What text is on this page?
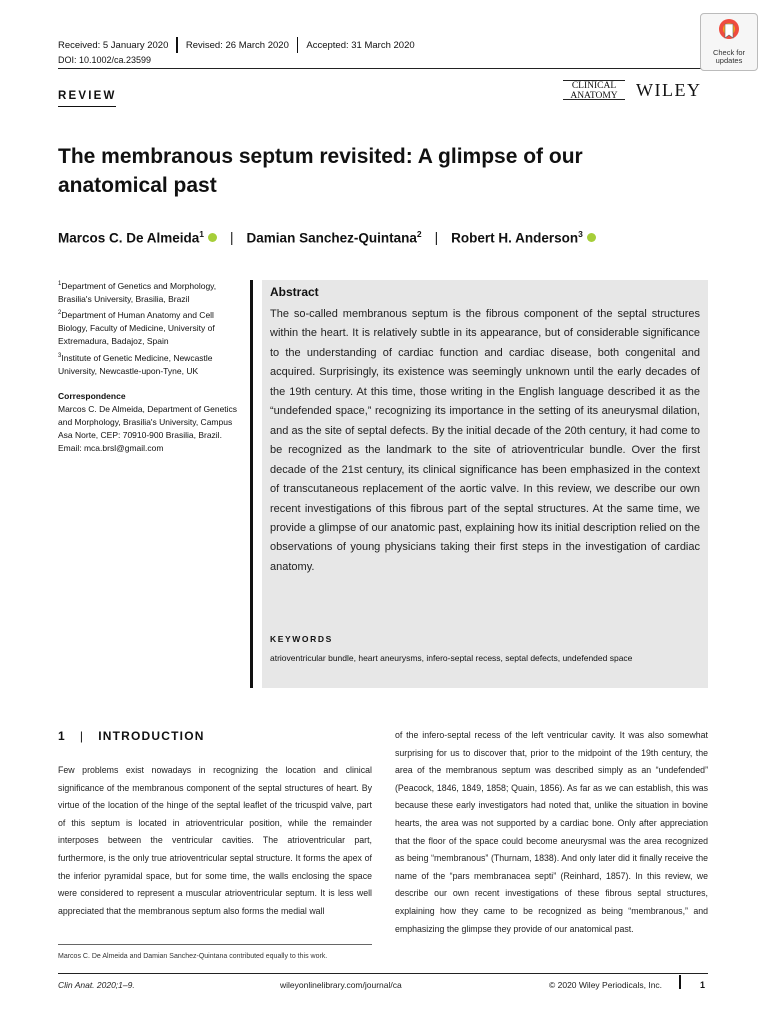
Received: 5 January 2020 Revised: 26 March 2020 Accepted: 31 March 2020
DOI: 10.1002/ca.23599
REVIEW
CLINICAL
ANATOMY	WILEY
Check for
updates
The membranous septum revisited: A glimpse of our anatomical past
Marcos C. De Almeida$^1$ | Damian Sanchez-Quintana$^2$ | Robert H. Anderson$^3$
$^1$Department of Genetics and Morphology, Brasilia's University, Brasilia, Brazil
$^2$Department of Human Anatomy and Cell Biology, Faculty of Medicine, University of Extremadura, Badajoz, Spain
$^3$Institute of Genetic Medicine, Newcastle University, Newcastle-upon-Tyne, UK
Correspondence
Marcos C. De Almeida, Department of Genetics and Morphology, Brasilia's University, Campus Asa Norte, CEP: 70910-900 Brasilia, Brazil.
Email: mca.brsl@gmail.com
Abstract
The so-called membranous septum is the fibrous component of the septal structures within the heart. It is relatively subtle in its appearance, but of considerable significance to the understanding of cardiac function and cardiac disease, both congenital and acquired. Surprisingly, its existence was seemingly unknown until the early decades of the 19th century. At this time, those writing in the English language described it as the “undefended space,” recognizing its importance in the setting of its aneurysmal dilation, and as the site of septal defects. By the initial decade of the 20th century, it had come to be recognized as the landmark to the site of atrioventricular bundle. Over the first decade of the 21st century, its clinical significance has been emphasized in the context of transcutaneous replacement of the aortic valve. In this review, we describe our own recent investigations of this fibrous part of the septal structures. At the same time, we provide a glimpse of our anatomic past, explaining how its initial description relied on the observations of young physicians taking their first steps in the investigation of cardiac anatomy.
KEYWORDS
atrioventricular bundle, heart aneurysms, infero-septal recess, septal defects, undefended space
1 | INTRODUCTION
Few problems exist nowadays in recognizing the location and clinical significance of the membranous component of the septal structures of heart. By virtue of the location of the hinge of the septal leaflet of the tricuspid valve, part of this septum is located in atrioventricular position, while the remainder interposes between the ventricular cavities. The atrioventricular part, furthermore, is the only true atrioventricular septal structure. It forms the apex of the inferior pyramidal space, but for some time, the walls enclosing the space were considered to represent a muscular atrioventricular septum. It is less well appreciated that the membranous septum also forms the medial wall
of the infero-septal recess of the left ventricular cavity. It was also somewhat surprising for us to discover that, prior to the midpoint of the 19th century, the area of the membranous septum was described simply as an “undefended” (Peacock, 1846, 1849, 1858; Quain, 1856). As far as we can establish, this was because these early investigators had noted that, unlike the situation in bovine hearts, the area was not supported by a cardiac bone. Only after appreciation that the floor of the space could become aneurysmal was the area recognized as being “membranous” (Thurnam, 1838). And only later did it finally receive the name of the “pars membranacea septi” (Reinhard, 1857). In this review, we describe our own recent investigations of these fibrous septal structures, explaining how they came to be recognized as being “membranous,” and emphasizing the glimpse they provide of our anatomical past.
Marcos C. De Almeida and Damian Sanchez-Quintana contributed equally to this work.
Clin Anat. 2020;1–9.	wileyonlinelibrary.com/journal/ca	© 2020 Wiley Periodicals, Inc.	1
